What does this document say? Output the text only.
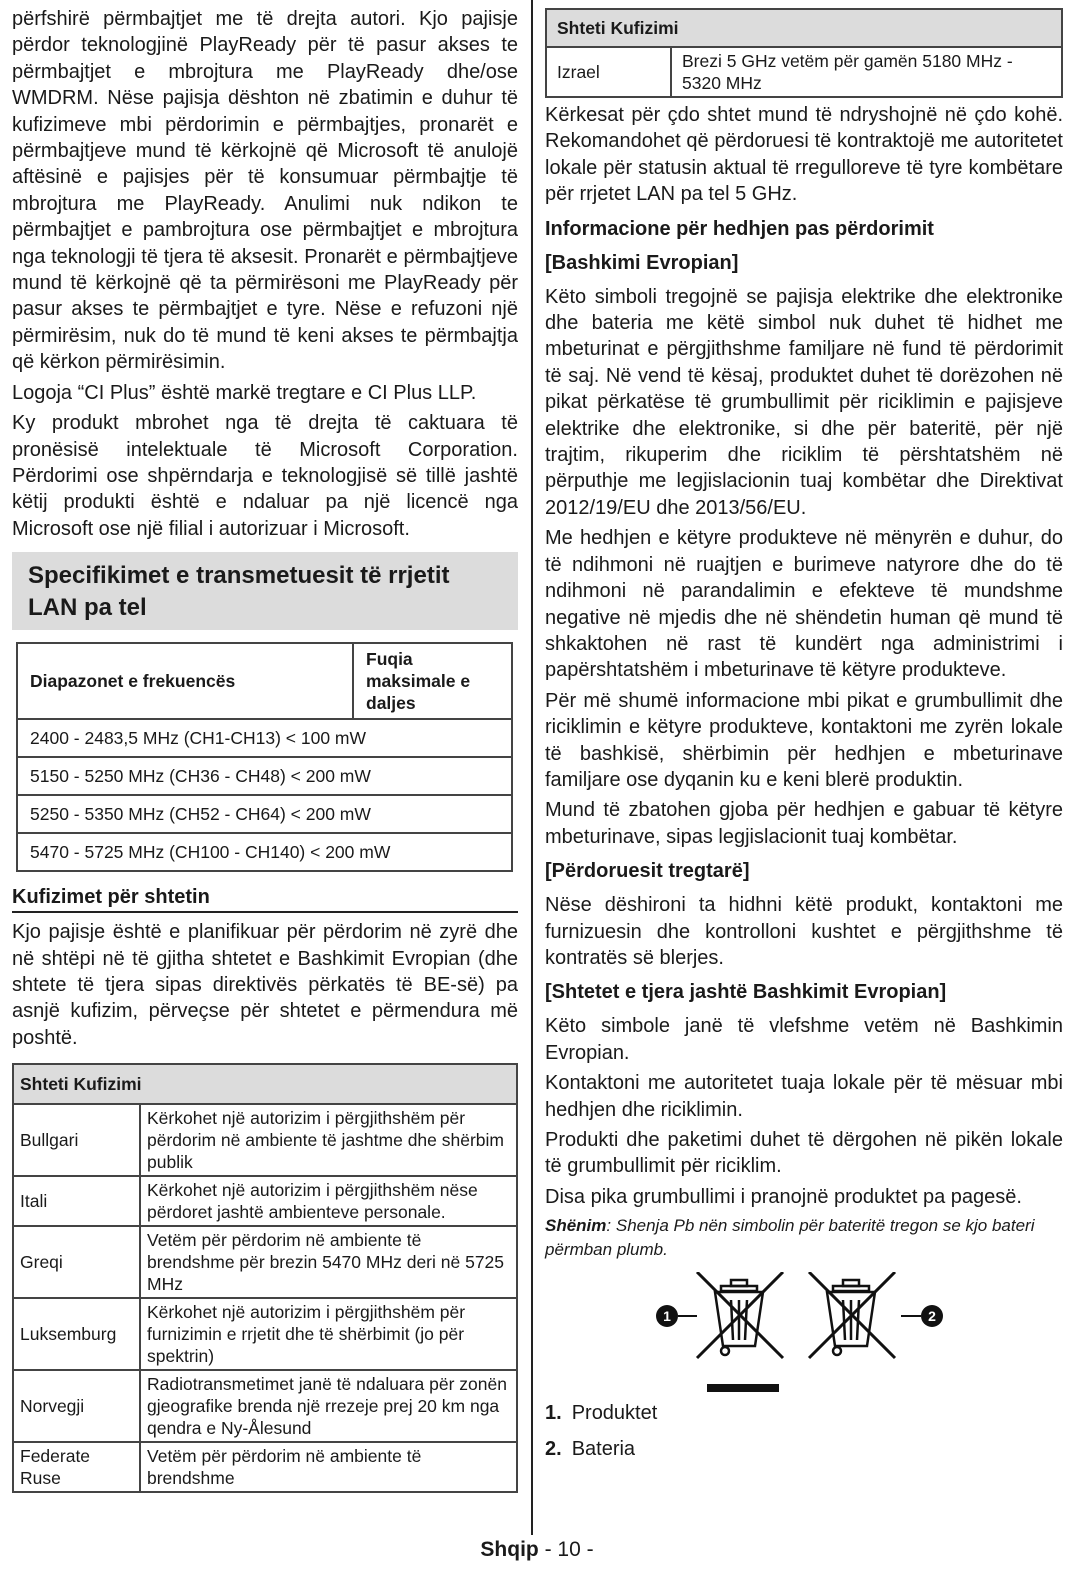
përfshirë përmbajtjet me të drejta autori. Kjo pajisje përdor teknologjinë PlayReady për të pasur akses te përmbajtjet e mbrojtura me PlayReady dhe/ose WMDRM. Nëse pajisja dështon në zbatimin e duhur të kufizimeve mbi përdorimin e përmbajtjes, pronarët e përmbajtjeve mund të kërkojnë që Microsoft të anulojë aftësinë e pajisjes për të konsumuar përmbajtje të mbrojtura me PlayReady. Anulimi nuk ndikon te përmbajtjet e pambrojtura ose përmbajtjet e mbrojtura nga teknologji të tjera të aksesit. Pronarët e përmbajtjeve mund të kërkojnë që ta përmirësoni me PlayReady për pasur akses te përmbajtjet e tyre. Nëse e refuzoni një përmirësim, nuk do të mund të keni akses te përmbajtja që kërkon përmirësimin.

Logoja “CI Plus” është markë tregtare e CI Plus LLP.

Ky produkt mbrohet nga të drejta të caktuara të pronësisë intelektuale të Microsoft Corporation. Përdorimi ose shpërndarja e teknologjisë së tillë jashtë këtij produkti është e ndaluar pa një licencë nga Microsoft ose një filial i autorizuar i Microsoft.

Specifikimet e transmetuesit të rrjetit LAN pa tel
Diapazonet e frekuencës	Fuqia maksimale e daljes
2400 - 2483,5 MHz (CH1-CH13) < 100 mW
5150 - 5250 MHz (CH36 - CH48) < 200 mW
5250 - 5350 MHz (CH52 - CH64) < 200 mW
5470 - 5725 MHz (CH100 - CH140) < 200 mW
Kufizimet për shtetin

Kjo pajisje është e planifikuar për përdorim në zyrë dhe në shtëpi në të gjitha shtetet e Bashkimit Evropian (dhe shtete të tjera sipas direktivës përkatës të BE-së) pa asnjë kufizim, përveçse për shtetet e përmendura më poshtë.

Shteti Kufizimi	
Bullgari	Kërkohet një autorizim i përgjithshëm për përdorim në ambiente të jashtme dhe shërbim publik
Itali	Kërkohet një autorizim i përgjithshëm nëse përdoret jashtë ambienteve personale.
Greqi	Vetëm për përdorim në ambiente të brendshme për brezin 5470 MHz deri në 5725 MHz
Luksemburg	Kërkohet një autorizim i përgjithshëm për furnizimin e rrjetit dhe të shërbimit (jo për spektrin)
Norvegji	Radiotransmetimet janë të ndaluara për zonën gjeografike brenda një rrezeje prej 20 km nga qendra e Ny-Ålesund
Federate Ruse	Vetëm për përdorim në ambiente të brendshme
Shteti Kufizimi
Izrael	Brezi 5 GHz vetëm për gamën 5180 MHz - 5320 MHz

Kërkesat për çdo shtet mund të ndryshojnë në çdo kohë. Rekomandohet që përdoruesi të kontraktojë me autoritetet lokale për statusin aktual të rregulloreve të tyre kombëtare për rrjetet LAN pa tel 5 GHz.

Informacione për hedhjen pas përdorimit
[Bashkimi Evropian]

Këto simboli tregojnë se pajisja elektrike dhe elektronike dhe bateria me këtë simbol nuk duhet të hidhet me mbeturinat e përgjithshme familjare në fund të përdorimit të saj. Në vend të kësaj, produktet duhet të dorëzohen në pikat përkatëse të grumbullimit për riciklimin e pajisjeve elektrike dhe elektronike, si dhe për bateritë, për një trajtim, rikuperim dhe riciklim të përshtatshëm në përputhje me legjislacionin tuaj kombëtar dhe Direktivat 2012/19/EU dhe 2013/56/EU.

Me hedhjen e këtyre produkteve në mënyrën e duhur, do të ndihmoni në ruajtjen e burimeve natyrore dhe do të ndihmoni në parandalimin e efekteve të mundshme negative në mjedis dhe në shëndetin human që mund të shkaktohen në rast të kundërt nga administrimi i papërshtatshëm i mbeturinave të këtyre produkteve.

Për më shumë informacione mbi pikat e grumbullimit dhe riciklimin e këtyre produkteve, kontaktoni me zyrën lokale të bashkisë, shërbimin për hedhjen e mbeturinave familjare ose dyqanin ku e keni blerë produktin.

Mund të zbatohen gjoba për hedhjen e gabuar të këtyre mbeturinave, sipas legjislacionit tuaj kombëtar.

[Përdoruesit tregtarë]

Nëse dëshironi ta hidhni këtë produkt, kontaktoni me furnizuesin dhe kontrolloni kushtet e përgjithshme të kontratës së blerjes.

[Shtetet e tjera jashtë Bashkimit Evropian]

Këto simbole janë të vlefshme vetëm në Bashkimin Evropian.

Kontaktoni me autoritetet tuaja lokale për të mësuar mbi hedhjen dhe riciklimin.

Produkti dhe paketimi duhet të dërgohen në pikën lokale të grumbullimit për riciklim.

Disa pika grumbullimi i pranojnë produktet pa pagesë.

Shënim: Shenja Pb nën simbolin për bateritë tregon se kjo bateri përmban plumb.

1	2
1. Produktet
2. Bateria
Shqip - 10 -
